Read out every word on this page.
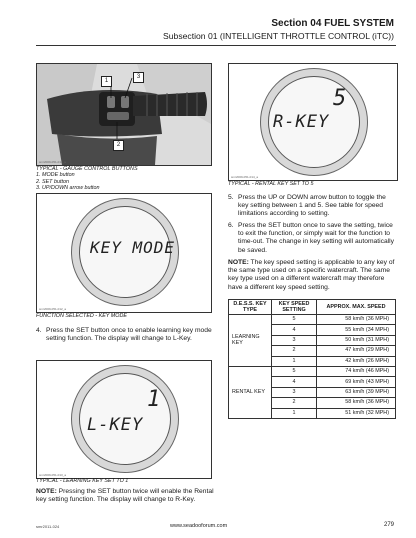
Section 04 FUEL SYSTEM
Subsection 01 (INTELLIGENT THROTTLE CONTROL (iTC))
1
3
2
smr2009-051-011_a
TYPICAL - GAUGE CONTROL BUTTONS
1. MODE button
2. SET button
3. UP/DOWN arrow button
KEY MODE
smr2009-051-012_a
FUNCTION SELECTED - KEY MODE
4. Press the SET button once to enable learning key mode setting function. The display will change to L-Key.
1
L-KEY
smr2009-051-013_a
TYPICAL - LEARNING KEY SET TO 1
NOTE: Pressing the SET button twice will enable the Rental key setting function. The display will change to R-Key.
5
R-KEY
smr2009-051-014_a
TYPICAL - RENTAL KEY SET TO 5
5. Press the UP or DOWN arrow button to toggle the key setting between 1 and 5. See table for speed limitations according to setting.
6. Press the SET button once to save the setting, twice to exit the function, or simply wait for the function to time-out. The change in key setting will automatically be saved.
NOTE: The key speed setting is applicable to any key of the same type used on a specific watercraft. The same key type used on a different watercraft may therefore have a different key speed setting.
D.E.S.S. KEY TYPE	KEY SPEED SETTING	APPROX. MAX. SPEED
LEARNING KEY	5	58 km/h (36 MPH)
	4	55 km/h (34 MPH)
	3	50 km/h (31 MPH)
	2	47 km/h (29 MPH)
	1	42 km/h (26 MPH)
RENTAL KEY	5	74 km/h (46 MPH)
	4	69 km/h (43 MPH)
	3	63 km/h (39 MPH)
	2	58 km/h (36 MPH)
	1	51 km/h (32 MPH)
smr2011-024	www.seadooforum.com	279
